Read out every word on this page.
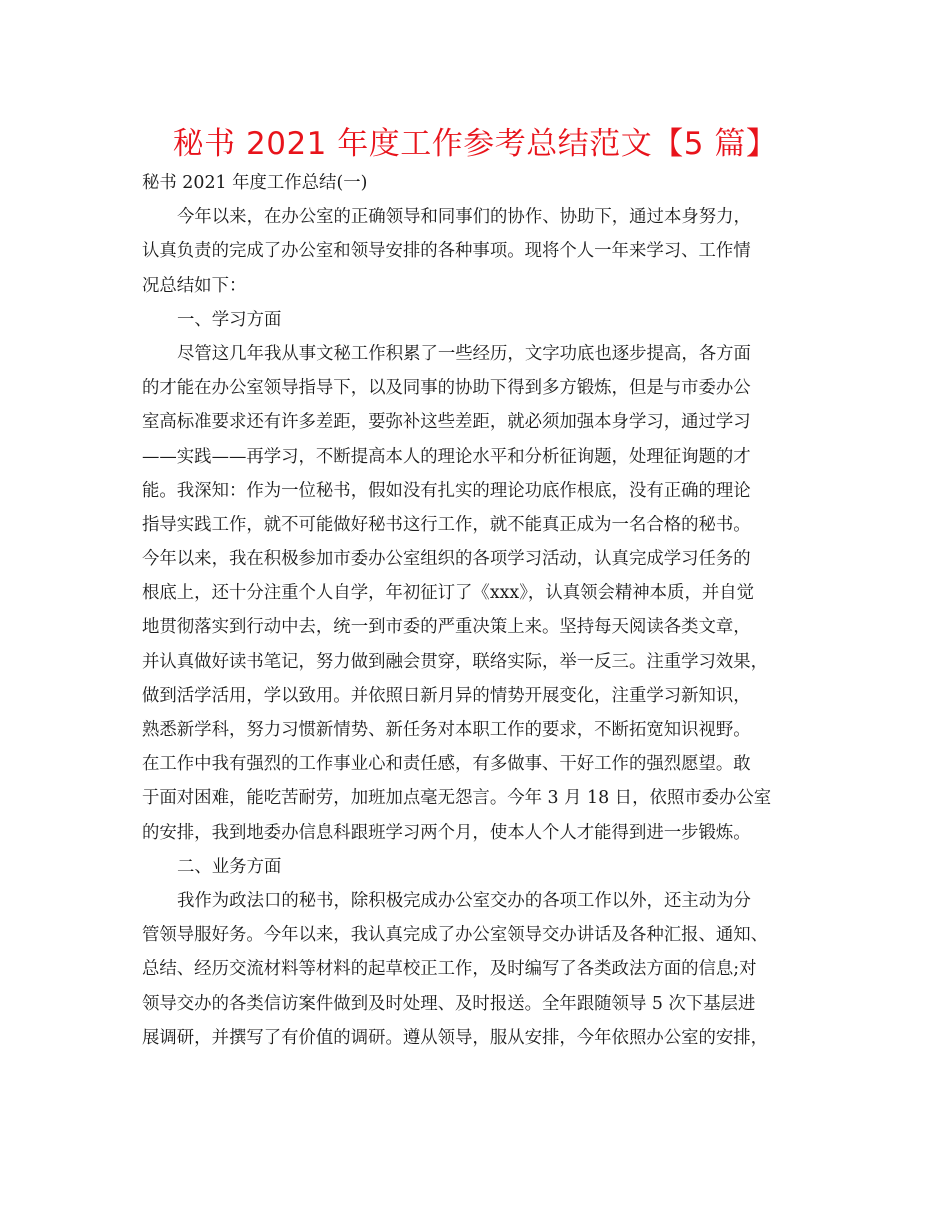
秘书 2021 年度工作参考总结范文【5 篇】
秘书 2021 年度工作总结(一)
今年以来，在办公室的正确领导和同事们的协作、协助下，通过本身努力，
认真负责的完成了办公室和领导安排的各种事项。现将个人一年来学习、工作情
况总结如下：
一、学习方面
尽管这几年我从事文秘工作积累了一些经历，文字功底也逐步提高，各方面
的才能在办公室领导指导下，以及同事的协助下得到多方锻炼，但是与市委办公
室高标准要求还有许多差距，要弥补这些差距，就必须加强本身学习，通过学习
——实践——再学习，不断提高本人的理论水平和分析征询题，处理征询题的才
能。我深知：作为一位秘书，假如没有扎实的理论功底作根底，没有正确的理论
指导实践工作，就不可能做好秘书这行工作，就不能真正成为一名合格的秘书。
今年以来，我在积极参加市委办公室组织的各项学习活动，认真完成学习任务的
根底上，还十分注重个人自学，年初征订了《xxx》，认真领会精神本质，并自觉
地贯彻落实到行动中去，统一到市委的严重决策上来。坚持每天阅读各类文章，
并认真做好读书笔记，努力做到融会贯穿，联络实际，举一反三。注重学习效果，
做到活学活用，学以致用。并依照日新月异的情势开展变化，注重学习新知识，
熟悉新学科，努力习惯新情势、新任务对本职工作的要求，不断拓宽知识视野。
在工作中我有强烈的工作事业心和责任感，有多做事、干好工作的强烈愿望。敢
于面对困难，能吃苦耐劳，加班加点毫无怨言。今年 3 月 18 日，依照市委办公室
的安排，我到地委办信息科跟班学习两个月，使本人个人才能得到进一步锻炼。
二、业务方面
我作为政法口的秘书，除积极完成办公室交办的各项工作以外，还主动为分
管领导服好务。今年以来，我认真完成了办公室领导交办讲话及各种汇报、通知、
总结、经历交流材料等材料的起草校正工作，及时编写了各类政法方面的信息;对
领导交办的各类信访案件做到及时处理、及时报送。全年跟随领导 5 次下基层进
展调研，并撰写了有价值的调研。遵从领导，服从安排，今年依照办公室的安排，
